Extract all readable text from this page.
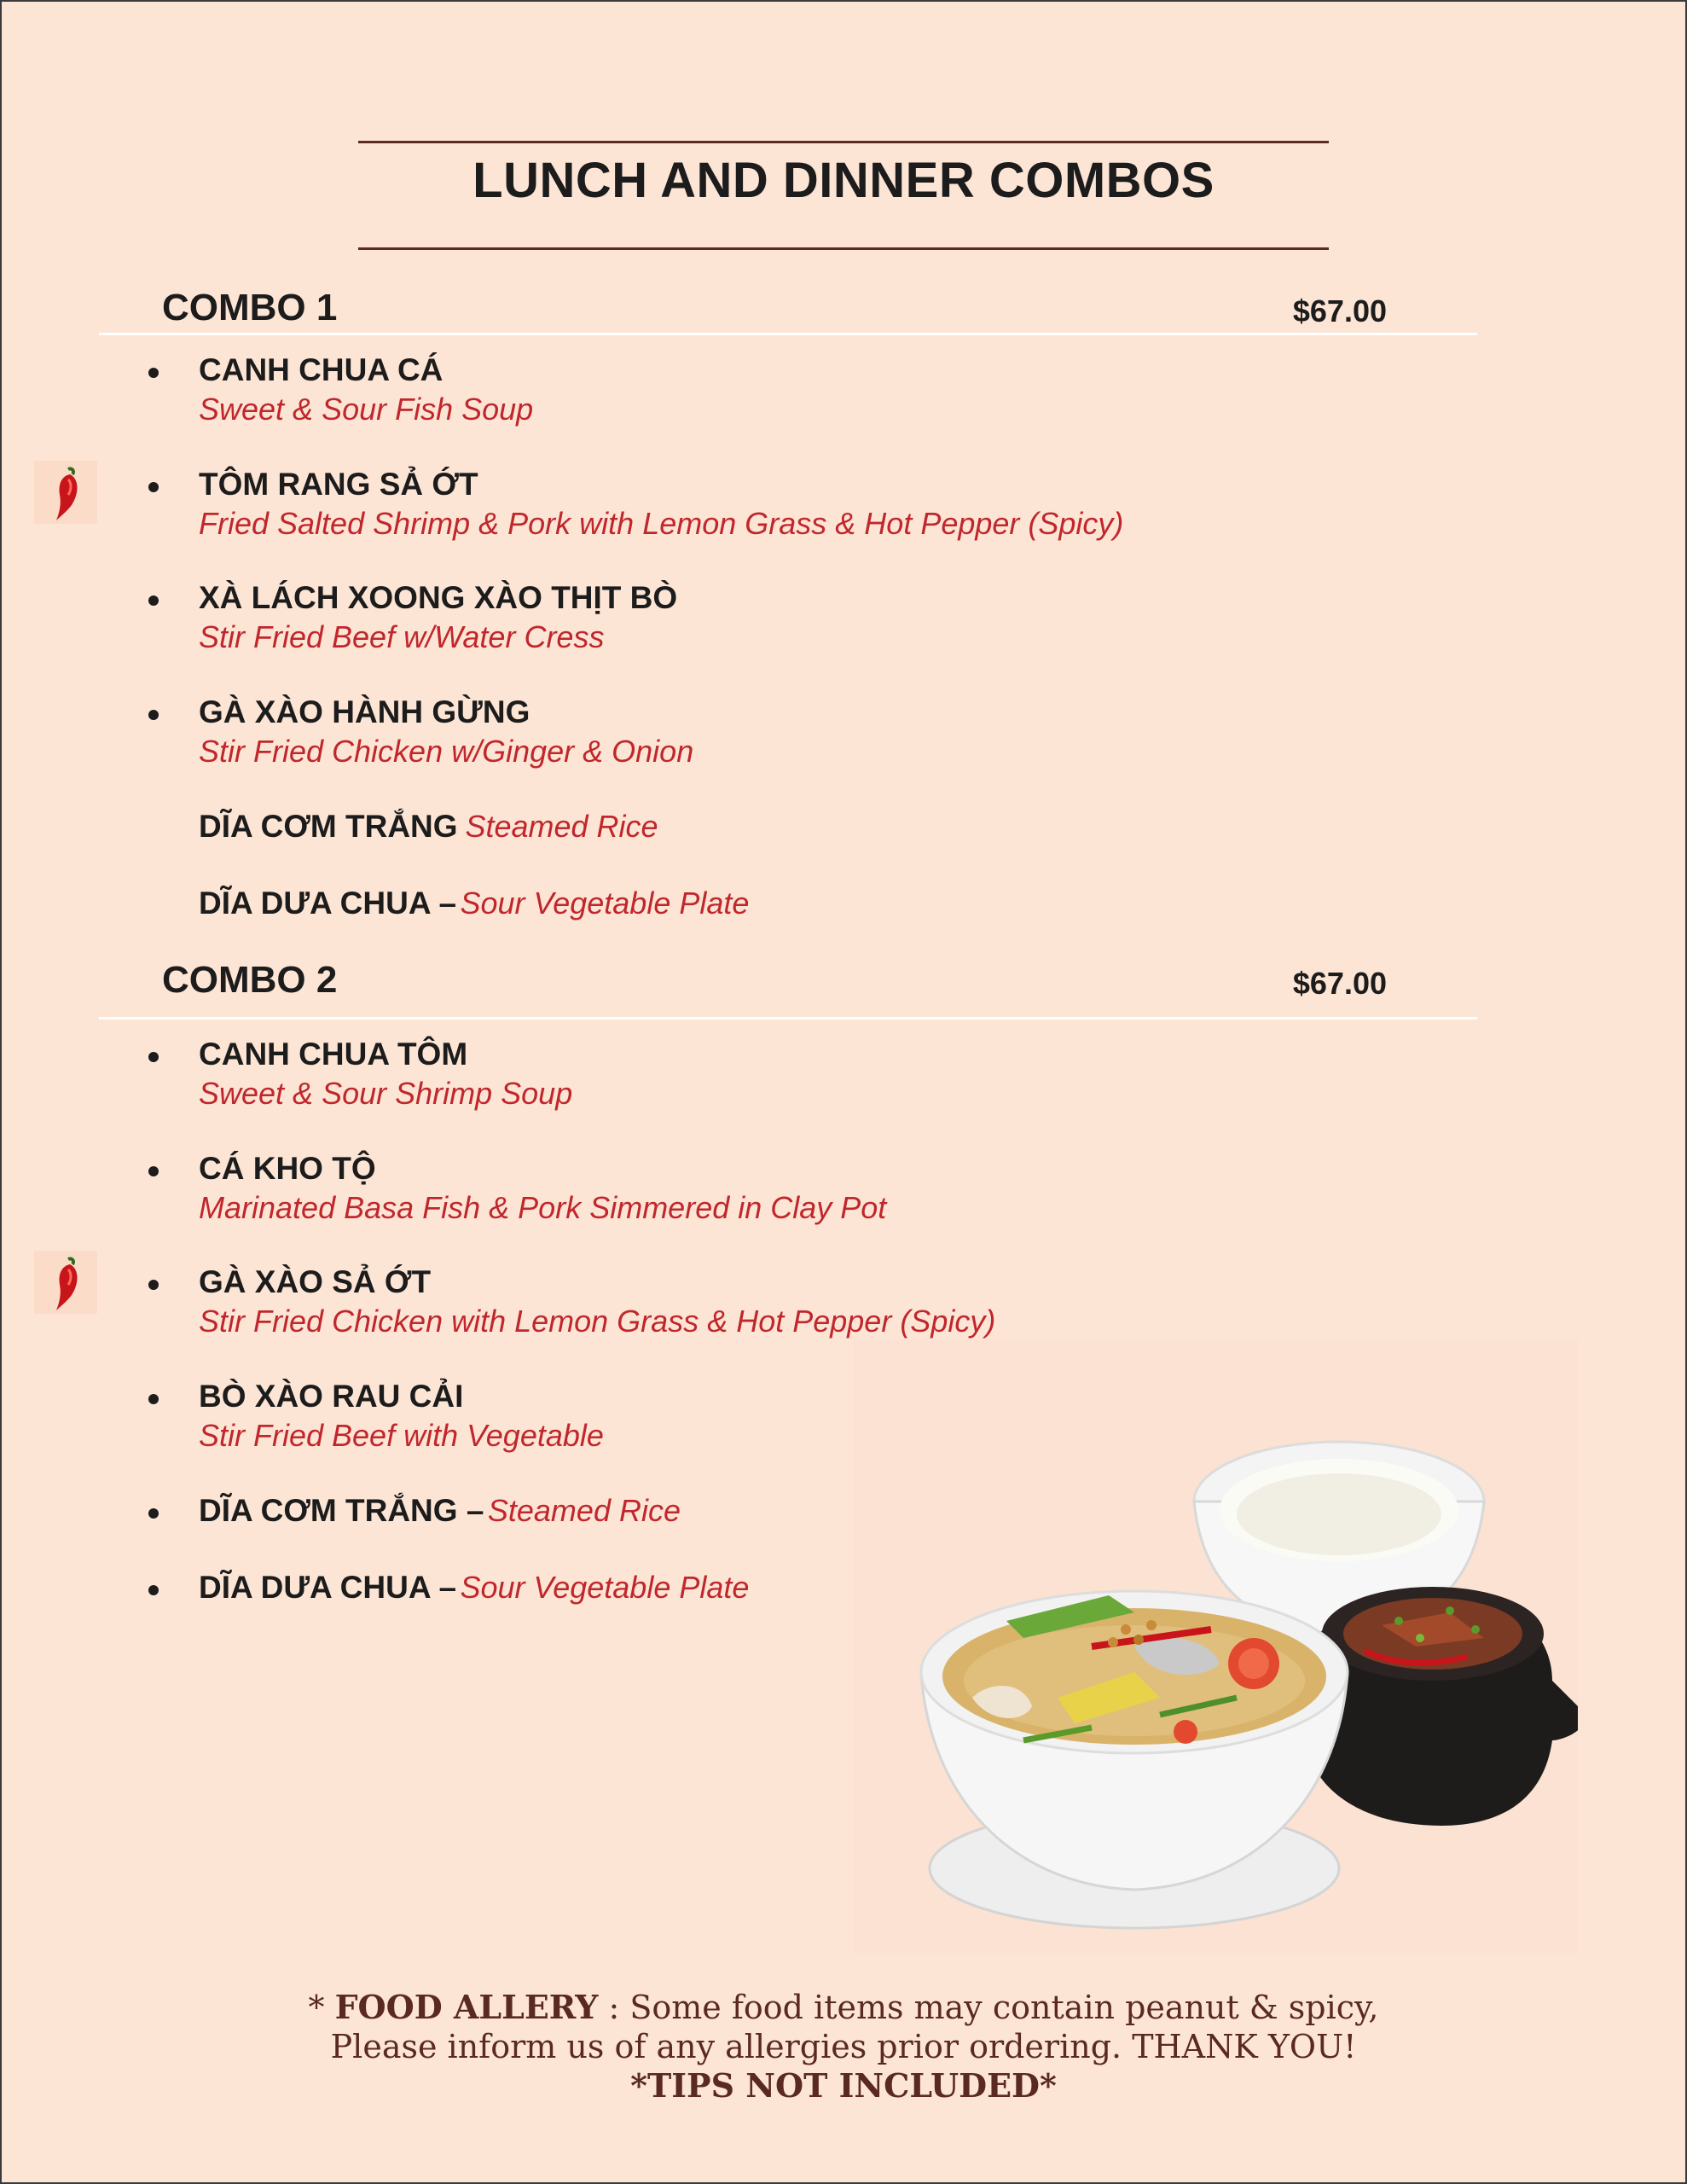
LUNCH AND DINNER COMBOS
COMBO 1	$67.00
CANH CHUA CÁ
Sweet & Sour Fish Soup
TÔM RANG SẢ ỚT
Fried Salted Shrimp & Pork with Lemon Grass & Hot Pepper (Spicy)
XÀ LÁCH XOONG XÀO THỊT BÒ
Stir Fried Beef w/Water Cress
GÀ XÀO HÀNH GỪNG
Stir Fried Chicken w/Ginger & Onion
DĨA CƠM TRẮNG Steamed Rice
DĨA DƯA CHUA – Sour Vegetable Plate
COMBO 2	$67.00
CANH CHUA TÔM
Sweet & Sour Shrimp Soup
CÁ KHO TỘ
Marinated Basa Fish & Pork Simmered in Clay Pot
GÀ XÀO SẢ ỚT
Stir Fried Chicken with Lemon Grass & Hot Pepper (Spicy)
BÒ XÀO RAU CẢI
Stir Fried Beef with Vegetable
DĨA CƠM TRẮNG – Steamed Rice
DĨA DƯA CHUA – Sour Vegetable Plate
* FOOD ALLERY : Some food items may contain peanut & spicy,
Please inform us of any allergies prior ordering. THANK YOU!
*TIPS NOT INCLUDED*
